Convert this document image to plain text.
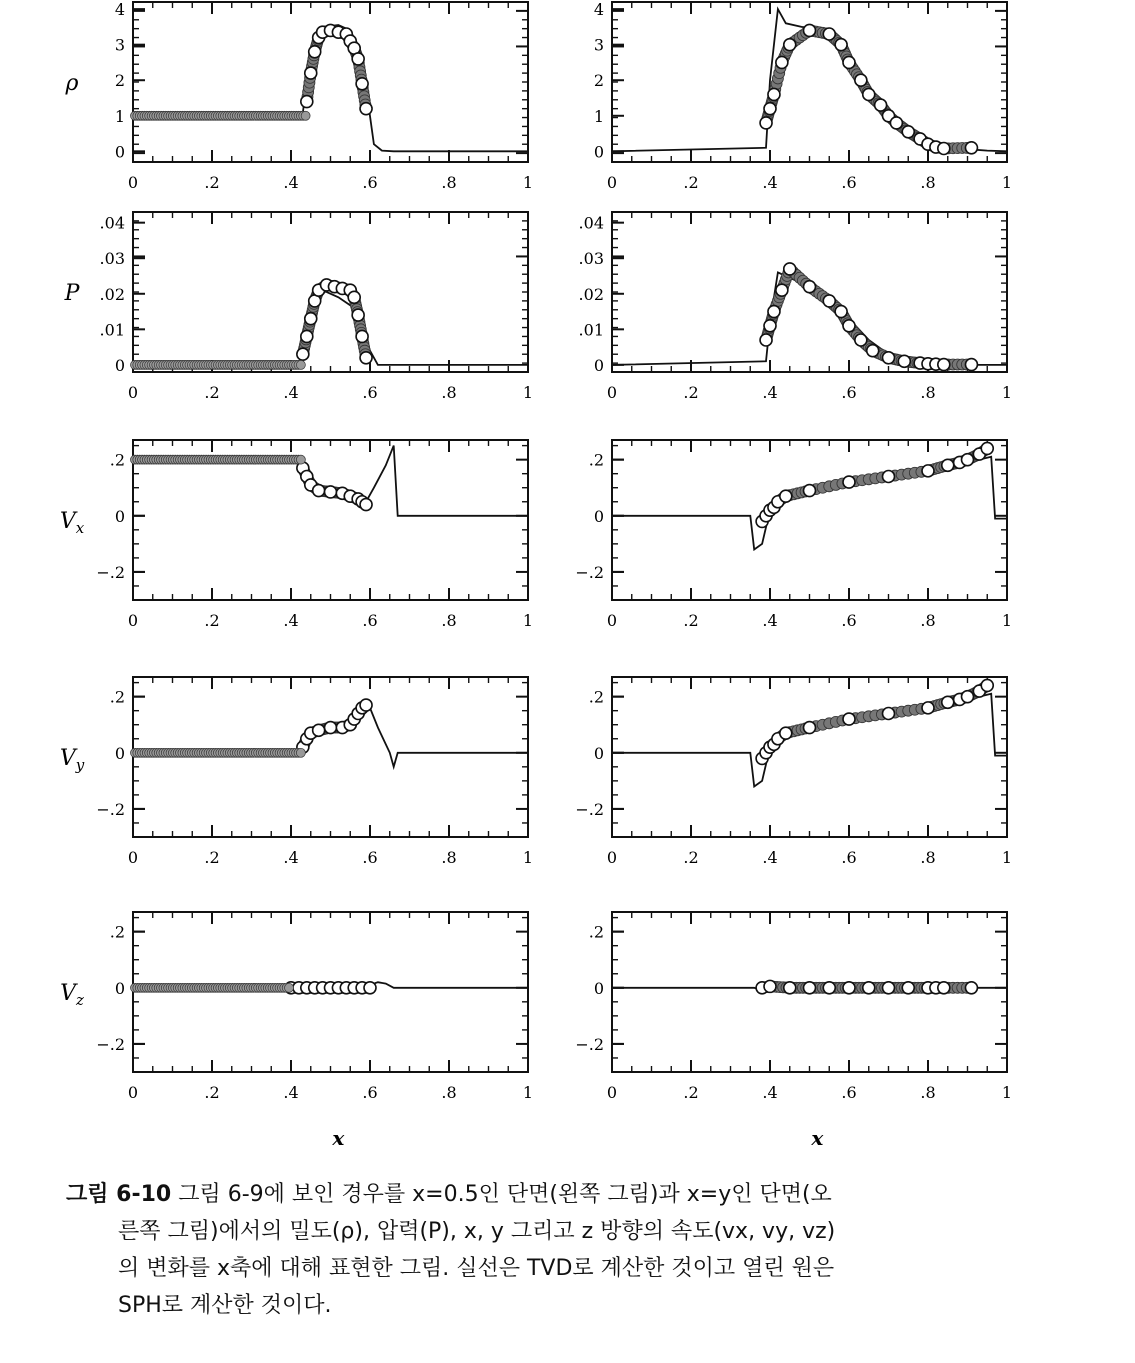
0	.2	.4	.6	.8	1
0
1
2
3
4
ρ
0	.2	.4	.6	.8	1
0
1
2
3
4
0	.2	.4	.6	.8	1
0
.01
.02
.03
.04
P
0	.2	.4	.6	.8	1
0
.01
.02
.03
.04
0	.2	.4	.6	.8	1
−.2
0
.2
$V_x$
0	.2	.4	.6	.8	1
−.2
0
.2
0	.2	.4	.6	.8	1
−.2
0
.2
$V_y$
0	.2	.4	.6	.8	1
−.2
0
.2
0	.2	.4	.6	.8	1
−.2
0
.2
$V_z$
0	.2	.4	.6	.8	1
−.2
0
.2
x	x
그림 6-10 그림 6-9에 보인 경우를 x=0.5인 단면(왼쪽 그림)과 x=y인 단면(오
른쪽 그림)에서의 밀도(ρ), 압력(P), x, y 그리고 z 방향의 속도(vx, vy, vz)
의 변화를 x축에 대해 표현한 그림. 실선은 TVD로 계산한 것이고 열린 원은
SPH로 계산한 것이다.
